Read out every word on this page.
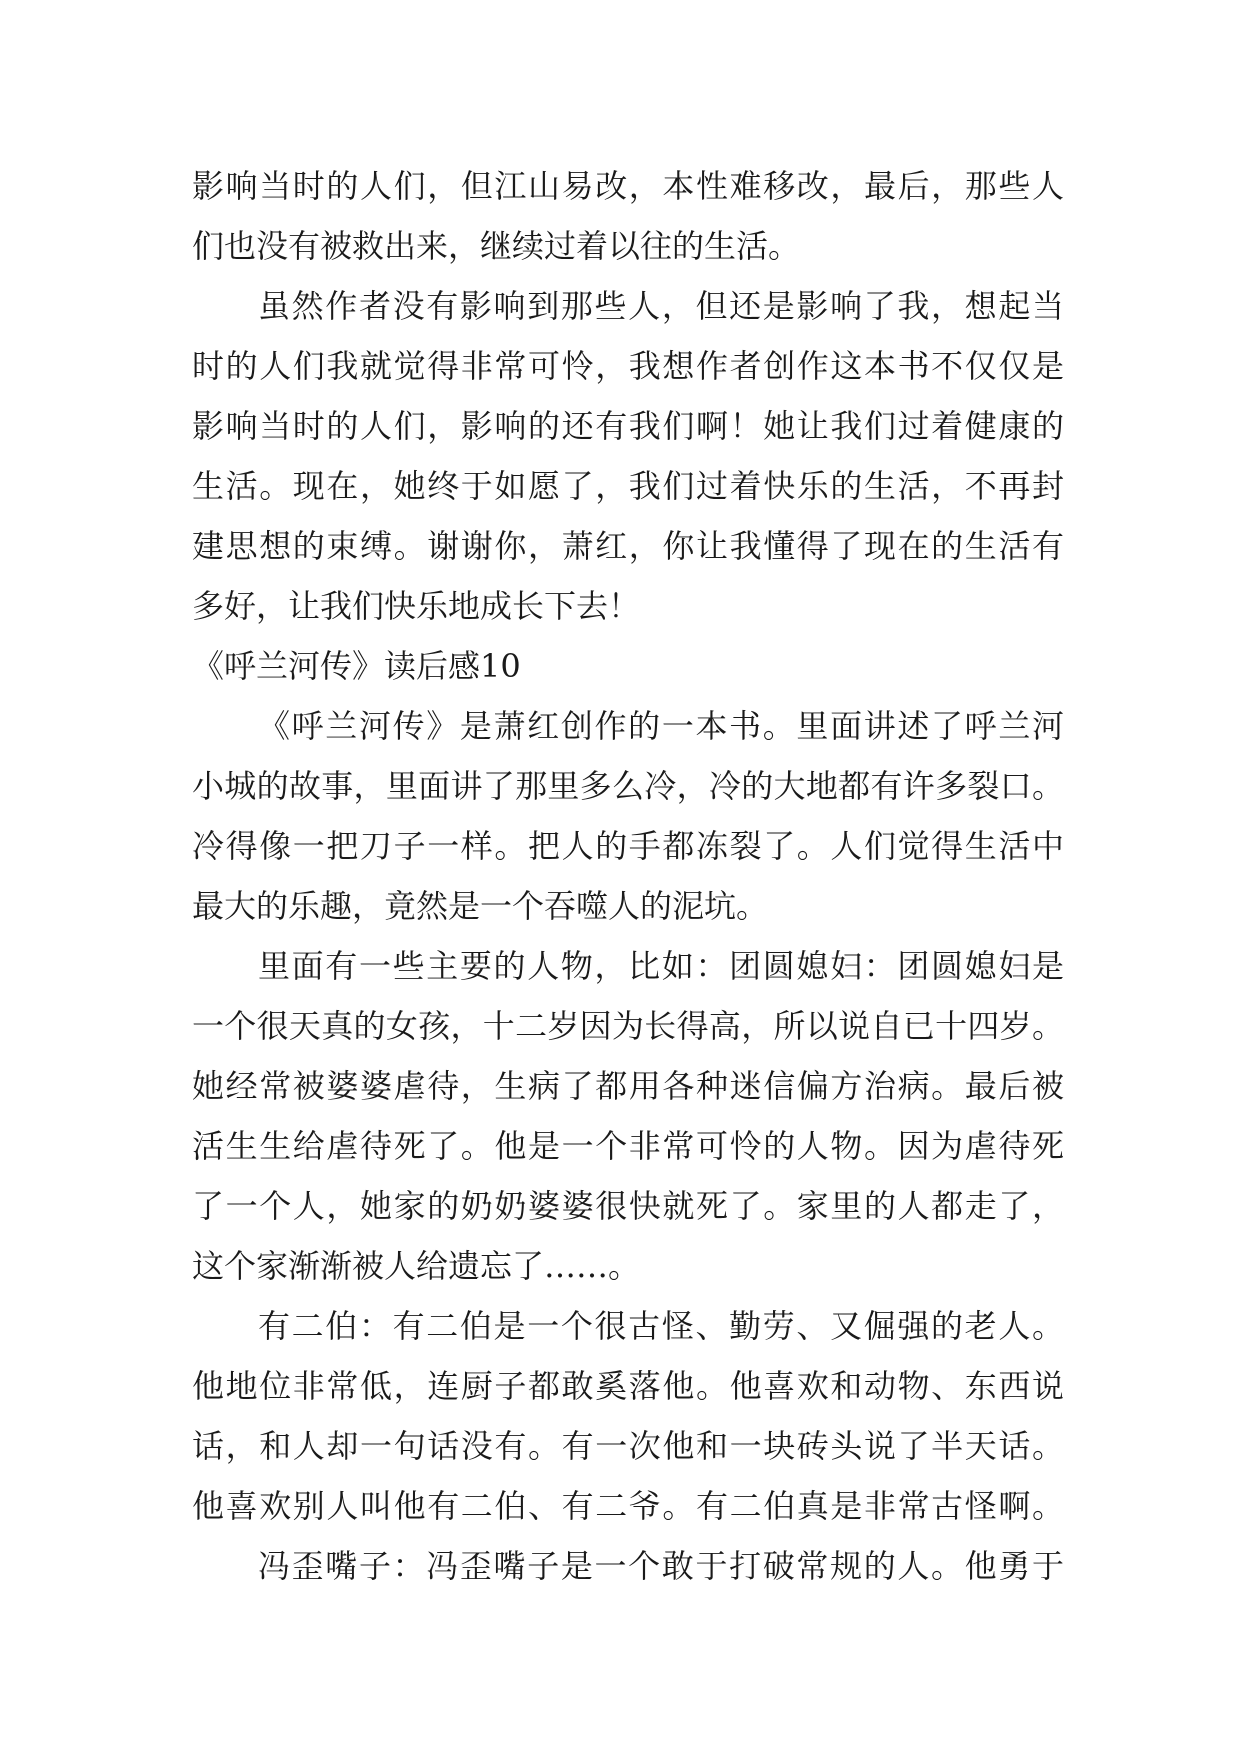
影响当时的人们，但江山易改，本性难移改，最后，那些人
们也没有被救出来，继续过着以往的生活。
虽然作者没有影响到那些人，但还是影响了我，想起当
时的人们我就觉得非常可怜，我想作者创作这本书不仅仅是
影响当时的人们，影响的还有我们啊！她让我们过着健康的
生活。现在，她终于如愿了，我们过着快乐的生活，不再封
建思想的束缚。谢谢你，萧红，你让我懂得了现在的生活有
多好，让我们快乐地成长下去！
《呼兰河传》读后感10
《呼兰河传》是萧红创作的一本书。里面讲述了呼兰河
小城的故事，里面讲了那里多么冷，冷的大地都有许多裂口。
冷得像一把刀子一样。把人的手都冻裂了。人们觉得生活中
最大的乐趣，竟然是一个吞噬人的泥坑。
里面有一些主要的人物，比如：团圆媳妇：团圆媳妇是
一个很天真的女孩，十二岁因为长得高，所以说自已十四岁。
她经常被婆婆虐待，生病了都用各种迷信偏方治病。最后被
活生生给虐待死了。他是一个非常可怜的人物。因为虐待死
了一个人，她家的奶奶婆婆很快就死了。家里的人都走了，
这个家渐渐被人给遗忘了……。
有二伯：有二伯是一个很古怪、勤劳、又倔强的老人。
他地位非常低，连厨子都敢奚落他。他喜欢和动物、东西说
话，和人却一句话没有。有一次他和一块砖头说了半天话。
他喜欢别人叫他有二伯、有二爷。有二伯真是非常古怪啊。
冯歪嘴子：冯歪嘴子是一个敢于打破常规的人。他勇于
